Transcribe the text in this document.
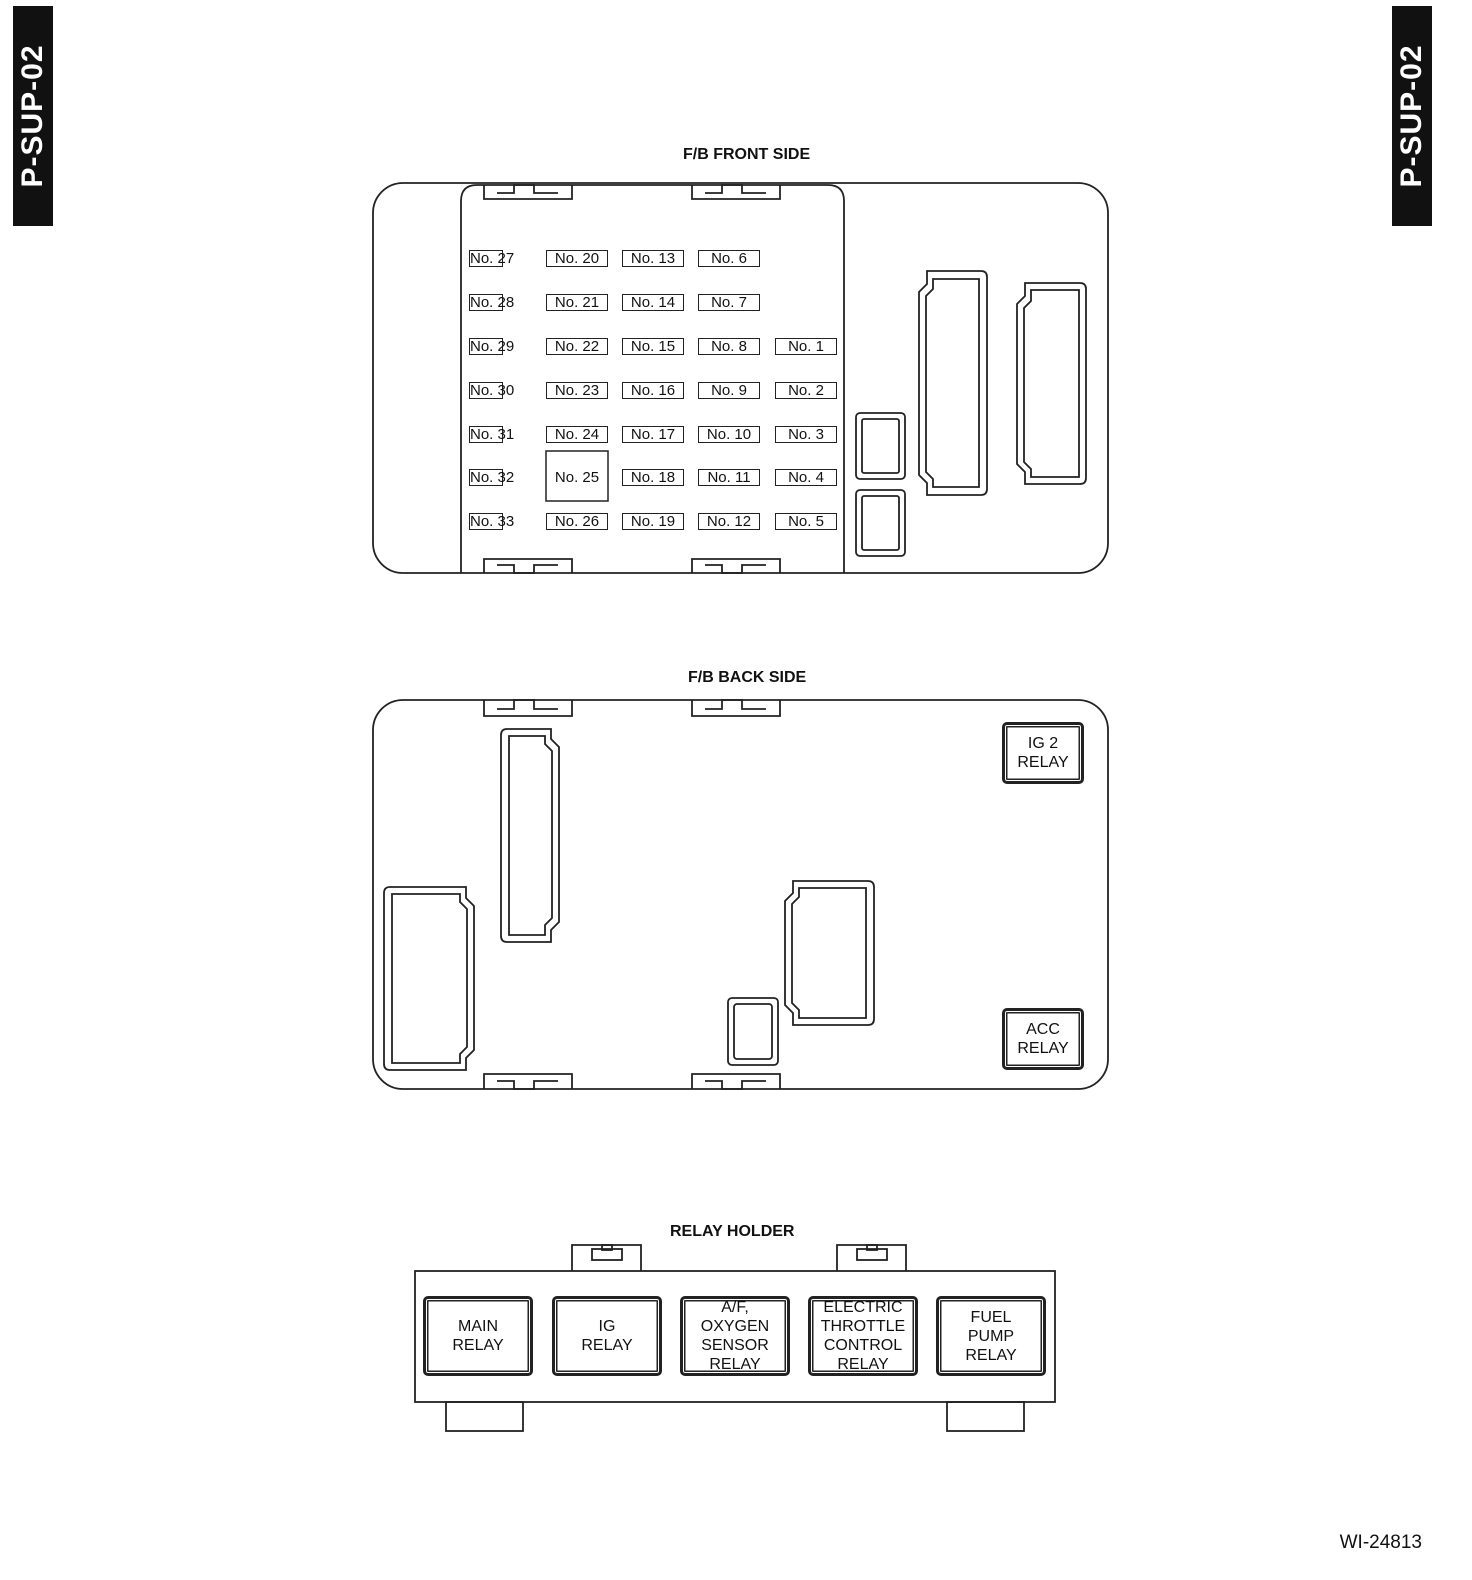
P-SUP-02	P-SUP-02
F/B FRONT SIDE
F/B BACK SIDE
RELAY HOLDER
No. 27	No. 20	No. 13	No. 6
No. 28	No. 21	No. 14	No. 7
No. 29	No. 22	No. 15	No. 8	No. 1
No. 30	No. 23	No. 16	No. 9	No. 2
No. 31	No. 24	No. 17	No. 10	No. 3
No. 32	No. 25	No. 18	No. 11	No. 4
No. 33	No. 26	No. 19	No. 12	No. 5
IG 2
RELAY
ACC
RELAY
MAIN
RELAY
IG
RELAY
A/F,
OXYGEN
SENSOR
RELAY
ELECTRIC
THROTTLE
CONTROL
RELAY
FUEL
PUMP
RELAY
WI-24813
